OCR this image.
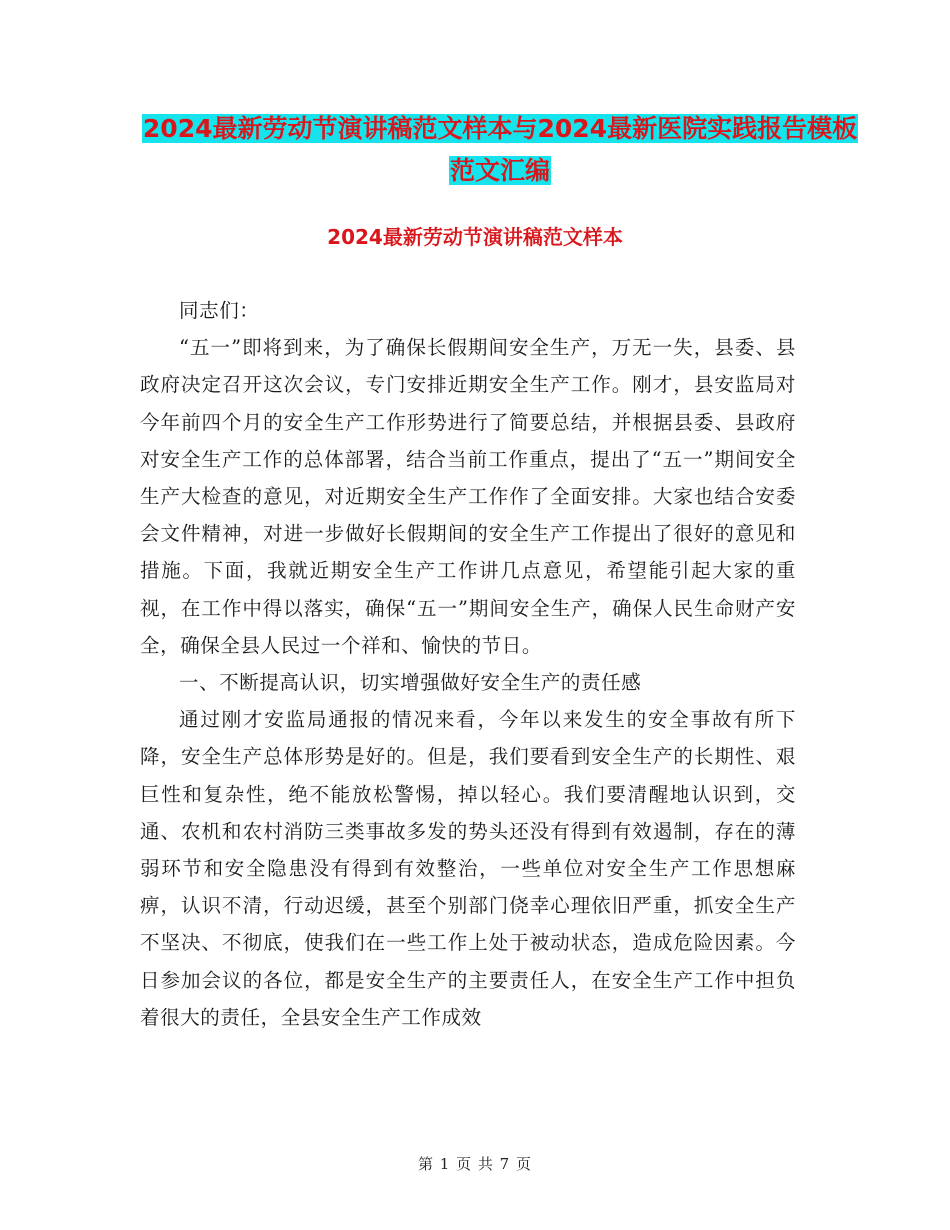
2024最新劳动节演讲稿范文样本与2024最新医院实践报告模板范文汇编
2024最新劳动节演讲稿范文样本

同志们：

“五一”即将到来，为了确保长假期间安全生产，万无一失，县委、县政府决定召开这次会议，专门安排近期安全生产工作。刚才，县安监局对今年前四个月的安全生产工作形势进行了简要总结，并根据县委、县政府对安全生产工作的总体部署，结合当前工作重点，提出了“五一”期间安全生产大检查的意见，对近期安全生产工作作了全面安排。大家也结合安委会文件精神，对进一步做好长假期间的安全生产工作提出了很好的意见和措施。下面，我就近期安全生产工作讲几点意见，希望能引起大家的重视，在工作中得以落实，确保“五一”期间安全生产，确保人民生命财产安全，确保全县人民过一个祥和、愉快的节日。

一、不断提高认识，切实增强做好安全生产的责任感

通过刚才安监局通报的情况来看，今年以来发生的安全事故有所下降，安全生产总体形势是好的。但是，我们要看到安全生产的长期性、艰巨性和复杂性，绝不能放松警惕，掉以轻心。我们要清醒地认识到，交通、农机和农村消防三类事故多发的势头还没有得到有效遏制，存在的薄弱环节和安全隐患没有得到有效整治，一些单位对安全生产工作思想麻痹，认识不清，行动迟缓，甚至个别部门侥幸心理依旧严重，抓安全生产不坚决、不彻底，使我们在一些工作上处于被动状态，造成危险因素。今日参加会议的各位，都是安全生产的主要责任人，在安全生产工作中担负着很大的责任，全县安全生产工作成效

第 1 页 共 7 页
